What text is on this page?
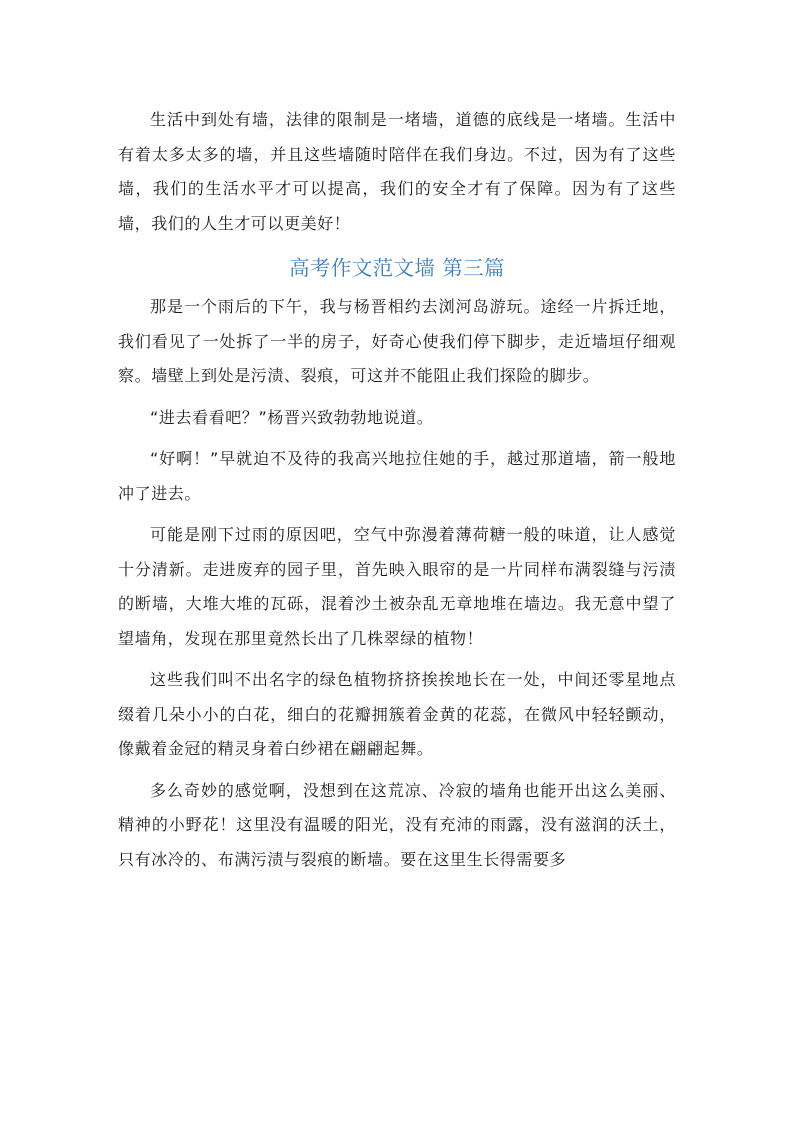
生活中到处有墙，法律的限制是一堵墙，道德的底线是一堵墙。生活中有着太多太多的墙，并且这些墙随时陪伴在我们身边。不过，因为有了这些墙，我们的生活水平才可以提高，我们的安全才有了保障。因为有了这些墙，我们的人生才可以更美好！

高考作文范文墙 第三篇

那是一个雨后的下午，我与杨晋相约去浏河岛游玩。途经一片拆迁地，我们看见了一处拆了一半的房子，好奇心使我们停下脚步，走近墙垣仔细观察。墙壁上到处是污渍、裂痕，可这并不能阻止我们探险的脚步。

“进去看看吧？”杨晋兴致勃勃地说道。

“好啊！”早就迫不及待的我高兴地拉住她的手，越过那道墙，箭一般地冲了进去。

可能是刚下过雨的原因吧，空气中弥漫着薄荷糖一般的味道，让人感觉十分清新。走进废弃的园子里，首先映入眼帘的是一片同样布满裂缝与污渍的断墙，大堆大堆的瓦砾，混着沙土被杂乱无章地堆在墙边。我无意中望了望墙角，发现在那里竟然长出了几株翠绿的植物！

这些我们叫不出名字的绿色植物挤挤挨挨地长在一处，中间还零星地点缀着几朵小小的白花，细白的花瓣拥簇着金黄的花蕊，在微风中轻轻颤动，像戴着金冠的精灵身着白纱裙在翩翩起舞。

多么奇妙的感觉啊，没想到在这荒凉、冷寂的墙角也能开出这么美丽、精神的小野花！这里没有温暖的阳光，没有充沛的雨露，没有滋润的沃土，只有冰冷的、布满污渍与裂痕的断墙。要在这里生长得需要多
